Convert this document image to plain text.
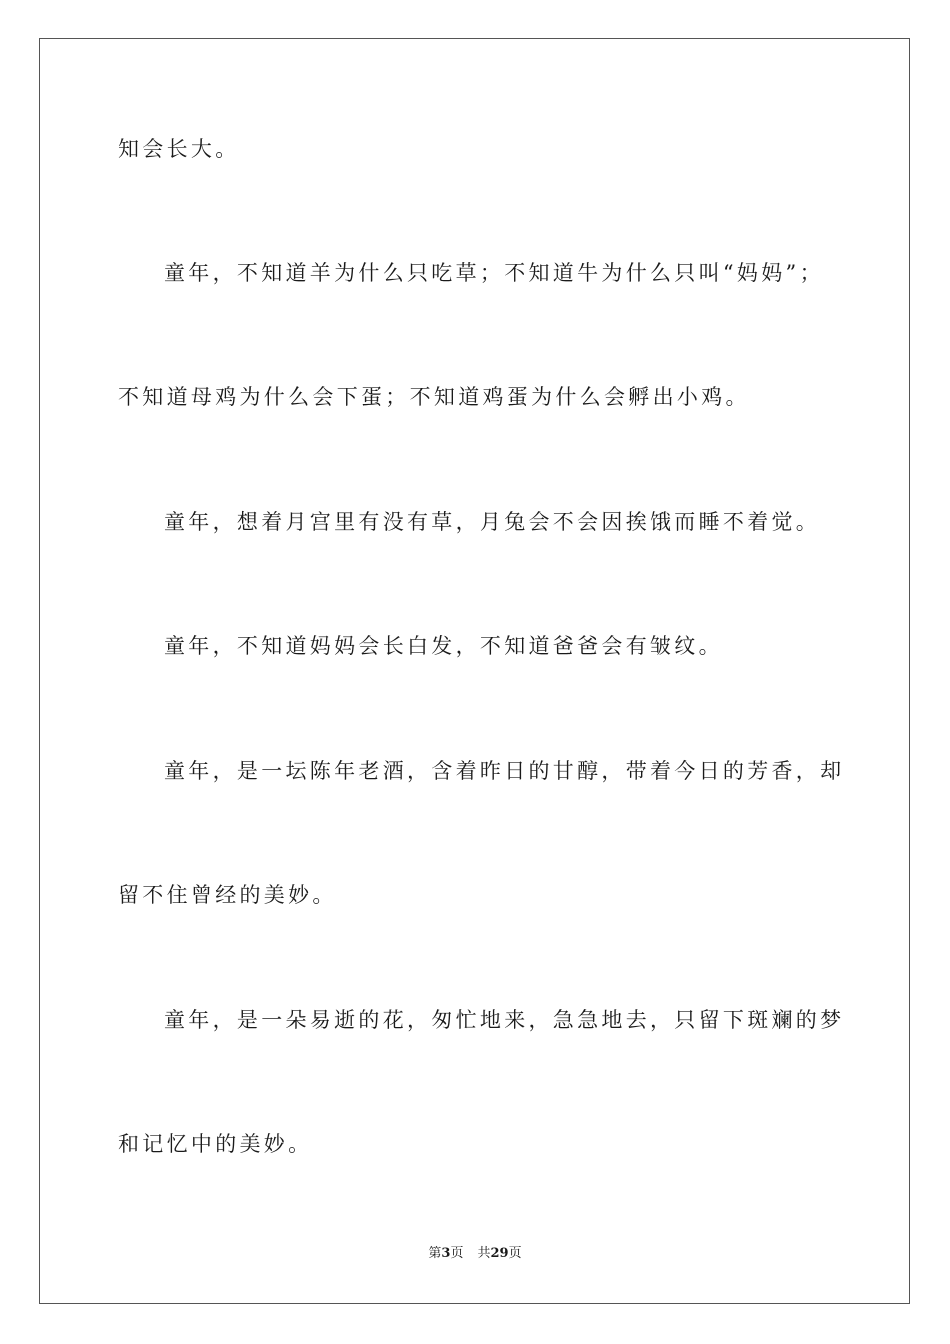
知会长大。
童年，不知道羊为什么只吃草；不知道牛为什么只叫“妈妈”；
不知道母鸡为什么会下蛋；不知道鸡蛋为什么会孵出小鸡。
童年，想着月宫里有没有草，月兔会不会因挨饿而睡不着觉。
童年，不知道妈妈会长白发，不知道爸爸会有皱纹。
童年，是一坛陈年老酒，含着昨日的甘醇，带着今日的芳香，却
留不住曾经的美妙。
童年，是一朵易逝的花，匆忙地来，急急地去，只留下斑斓的梦
和记忆中的美妙。
第3页 共29页
